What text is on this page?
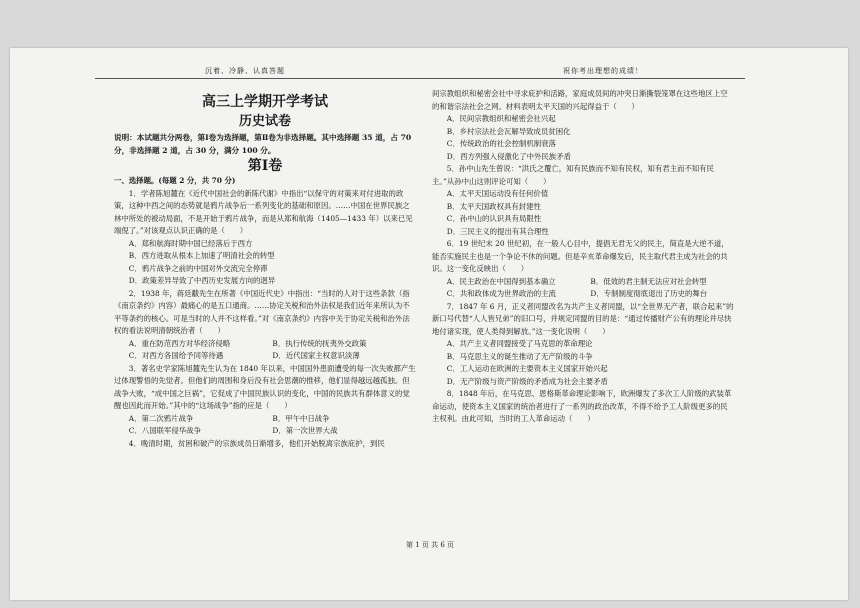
沉着、冷静、认真答题	祝你考出理想的成绩！

高三上学期开学考试

历史试卷

说明：本试题共分两卷，第Ⅰ卷为选择题，第Ⅱ卷为非选择题。其中选择题 35 道，占 70 分，非选择题 2 道，占 30 分，满分 100 分。

第Ⅰ卷

一、选择题。(每题 2 分，共 70 分)

1．学者陈旭麓在《近代中国社会的新陈代谢》中指出“以保守的对策来对付进取的政策，这种中西之间的态势就是鸦片战争后一系列变化的基础和原因。……中国在世界民族之林中所处的被动局面，不是开始于鸦片战争，而是从郑和航海（1405—1433 年）以来已见端倪了。”对该观点认识正确的是（　　）

A．郑和航海时期中国已经落后于西方

B．西方进取从根本上加速了明清社会的转型

C．鸦片战争之前的中国对外交流完全停滞

D．政策差异导致了中西历史发展方向的迥异

2．1938 年，蒋廷黻先生在所著《中国近代史》中指出：“当时的人对于这些条款（指《南京条约》内容）最痛心的是五口通商。……协定关税和治外法权是我们近年来所认为不平等条约的核心。可是当时的人并不这样看。”对《南京条约》内容中关于协定关税和治外法权的看法说明清朝统治者（　　）

A．重在防范西方对华经济侵略	B．执行传统的抚夷外交政策
C．对西方各国给予同等待遇	D．近代国家主权意识淡薄

3．著名史学家陈旭麓先生认为在 1840 年以来，中国国外患面遭受的每一次失败都产生过体现警悟的先觉者。但他们的周围和身后没有社会思潮的推移，他们显得越远越孤独。但战争大败，“成中国之巨祸”，它促成了中国民族认识的变化，中国的民族共有群体意义的觉醒也因此而开始。”其中的“这场战争”指的应是（　　）

A．第二次鸦片战争	B．甲午中日战争
C．八国联军侵华战争	D．第一次世界大战

4．晚清时期，贫困和破产的宗族成员日渐增多，他们开始脱离宗族庇护，到民

间宗教组织和秘密会社中寻求庇护和活路，家庭成员间的冲突日渐撕裂笼罩在这些地区上空的和谐宗法社会之网。材料表明太平天国的兴起得益于（　　）

A．民间宗教组织和秘密会社兴起

B．乡村宗法社会瓦解导致成员贫困化

C．传统政治的社会控制机制衰落

D．西方列强入侵激化了中外民族矛盾

5．孙中山先生曾说：“洪氏之覆亡，知有民族而不知有民权，知有君主而不知有民主。”从孙中山这则评论可知（　　）

A．太平天国运动没有任何价值

B．太平天国政权具有封建性

C．孙中山的认识具有局限性

D．三民主义的提出有其合理性

6．19 世纪末 20 世纪初，在一般人心目中，提倡无君无父的民主，简直是大逆不道，能否实施民主也是一个争论不休的问题。但是辛亥革命爆发后，民主取代君主成为社会的共识。这一变化反映出（　　）

A．民主政治在中国得到基本确立	B．低效的君主制无法应对社会转型
C．共和政体成为世界政治的主流	D．专制制度彻底退出了历史的舞台

7．1847 年 6 月，正义者同盟改名为共产主义者同盟，以“全世界无产者，联合起来”的新口号代替“人人皆兄弟”的旧口号，并规定同盟的目的是：“通过传播财产公有的理论并尽快地付诸实现，使人类得到解放。”这一变化说明（　　）

A．共产主义者同盟接受了马克思的革命理论

B．马克思主义的诞生推动了无产阶级的斗争

C．工人运动在欧洲的主要资本主义国家开始兴起

D．无产阶级与资产阶级的矛盾成为社会主要矛盾

8．1848 年后，在马克思、恩格斯革命理论影响下，欧洲爆发了多次工人阶级的武装革命运动，使资本主义国家的统治者进行了一系列的政治改革，不得不给予工人阶级更多的民主权利。由此可知，当时的工人革命运动（　　）

第 1 页 共 6 页
